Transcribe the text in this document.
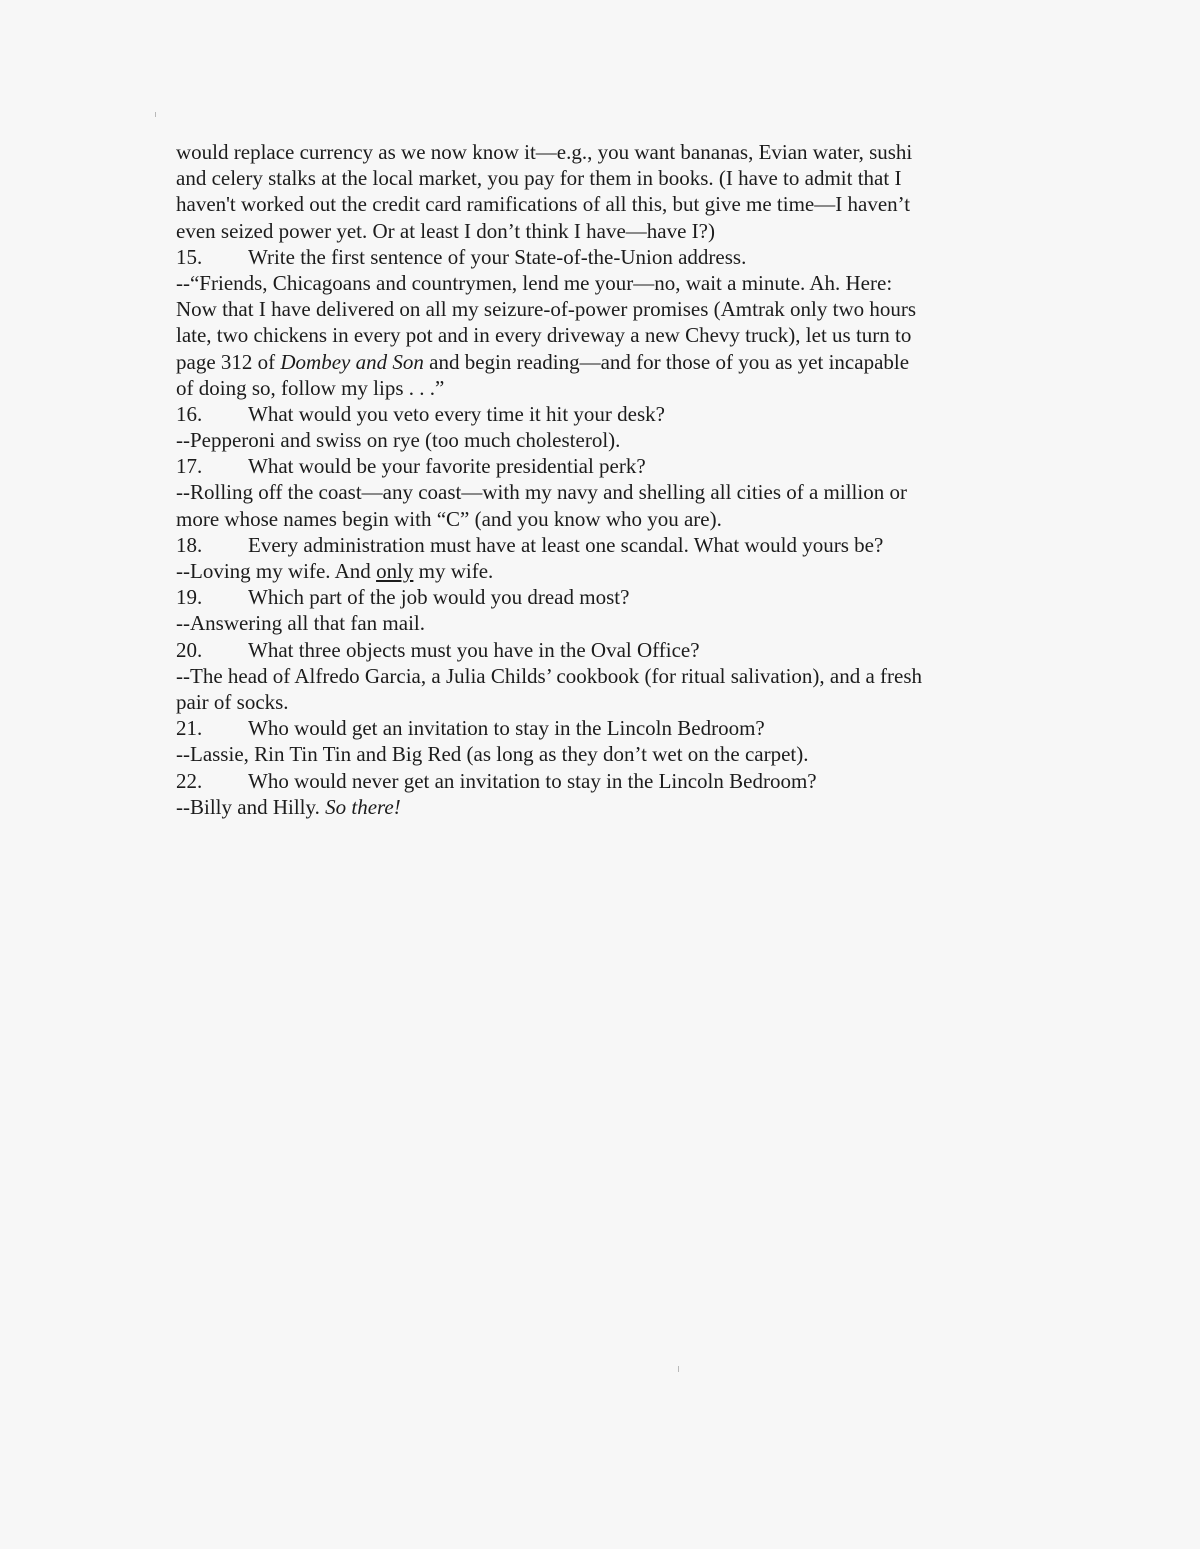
would replace currency as we now know it—e.g., you want bananas, Evian water, sushi
and celery stalks at the local market, you pay for them in books. (I have to admit that I
haven't worked out the credit card ramifications of all this, but give me time—I haven’t
even seized power yet. Or at least I don’t think I have—have I?)
15. Write the first sentence of your State-of-the-Union address.
--“Friends, Chicagoans and countrymen, lend me your—no, wait a minute. Ah. Here:
Now that I have delivered on all my seizure-of-power promises (Amtrak only two hours
late, two chickens in every pot and in every driveway a new Chevy truck), let us turn to
page 312 of Dombey and Son and begin reading—and for those of you as yet incapable
of doing so, follow my lips . . .”
16. What would you veto every time it hit your desk?
--Pepperoni and swiss on rye (too much cholesterol).
17. What would be your favorite presidential perk?
--Rolling off the coast—any coast—with my navy and shelling all cities of a million or
more whose names begin with “C” (and you know who you are).
18. Every administration must have at least one scandal. What would yours be?
--Loving my wife. And only my wife.
19. Which part of the job would you dread most?
--Answering all that fan mail.
20. What three objects must you have in the Oval Office?
--The head of Alfredo Garcia, a Julia Childs’ cookbook (for ritual salivation), and a fresh
pair of socks.
21. Who would get an invitation to stay in the Lincoln Bedroom?
--Lassie, Rin Tin Tin and Big Red (as long as they don’t wet on the carpet).
22. Who would never get an invitation to stay in the Lincoln Bedroom?
--Billy and Hilly. So there!
